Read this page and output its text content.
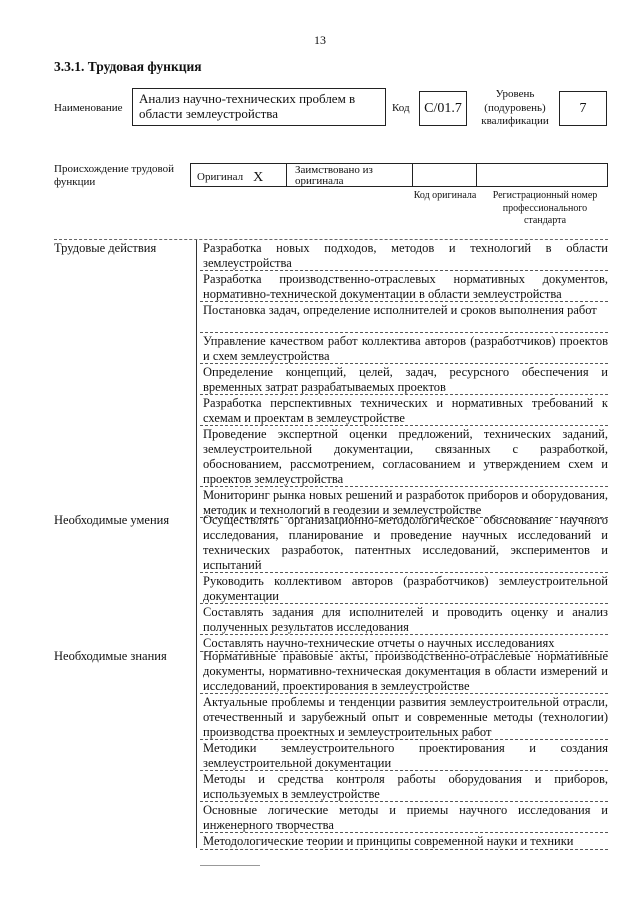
13
3.3.1. Трудовая функция
Наименование
Анализ научно-технических проблем в области землеустройства	Код	C/01.7
Уровень (подуровень) квалификации
7
Происхождение трудовой функции	Оригинал X	Заимствовано из оригинала
Код оригинала	Регистрационный номер профессионального стандарта
Трудовые действия	Разработка новых подходов, методов и технологий в области землеустройства
Разработка производственно-отраслевых нормативных документов, нормативно-технической документации в области землеустройства
Постановка задач, определение исполнителей и сроков выполнения работ
Управление качеством работ коллектива авторов (разработчиков) проектов и схем землеустройства
Определение концепций, целей, задач, ресурсного обеспечения и временных затрат разрабатываемых проектов
Разработка перспективных технических и нормативных требований к схемам и проектам в землеустройстве
Проведение экспертной оценки предложений, технических заданий, землеустроительной документации, связанных с разработкой, обоснованием, рассмотрением, согласованием и утверждением схем и проектов землеустройства
Мониторинг рынка новых решений и разработок приборов и оборудования, методик и технологий в геодезии и землеустройстве
Необходимые умения	Осуществлять организационно-методологическое обоснование научного исследования, планирование и проведение научных исследований и технических разработок, патентных исследований, экспериментов и испытаний
Руководить коллективом авторов (разработчиков) землеустроительной документации
Составлять задания для исполнителей и проводить оценку и анализ полученных результатов исследования
Составлять научно-технические отчеты о научных исследованиях
Необходимые знания	Нормативные правовые акты, производственно-отраслевые нормативные документы, нормативно-техническая документация в области измерений и исследований, проектирования в землеустройстве
Актуальные проблемы и тенденции развития землеустроительной отрасли, отечественный и зарубежный опыт и современные методы (технологии) производства проектных и землеустроительных работ
Методики землеустроительного проектирования и создания землеустроительной документации
Методы и средства контроля работы оборудования и приборов, используемых в землеустройстве
Основные логические методы и приемы научного исследования и инженерного творчества
Методологические теории и принципы современной науки и техники
